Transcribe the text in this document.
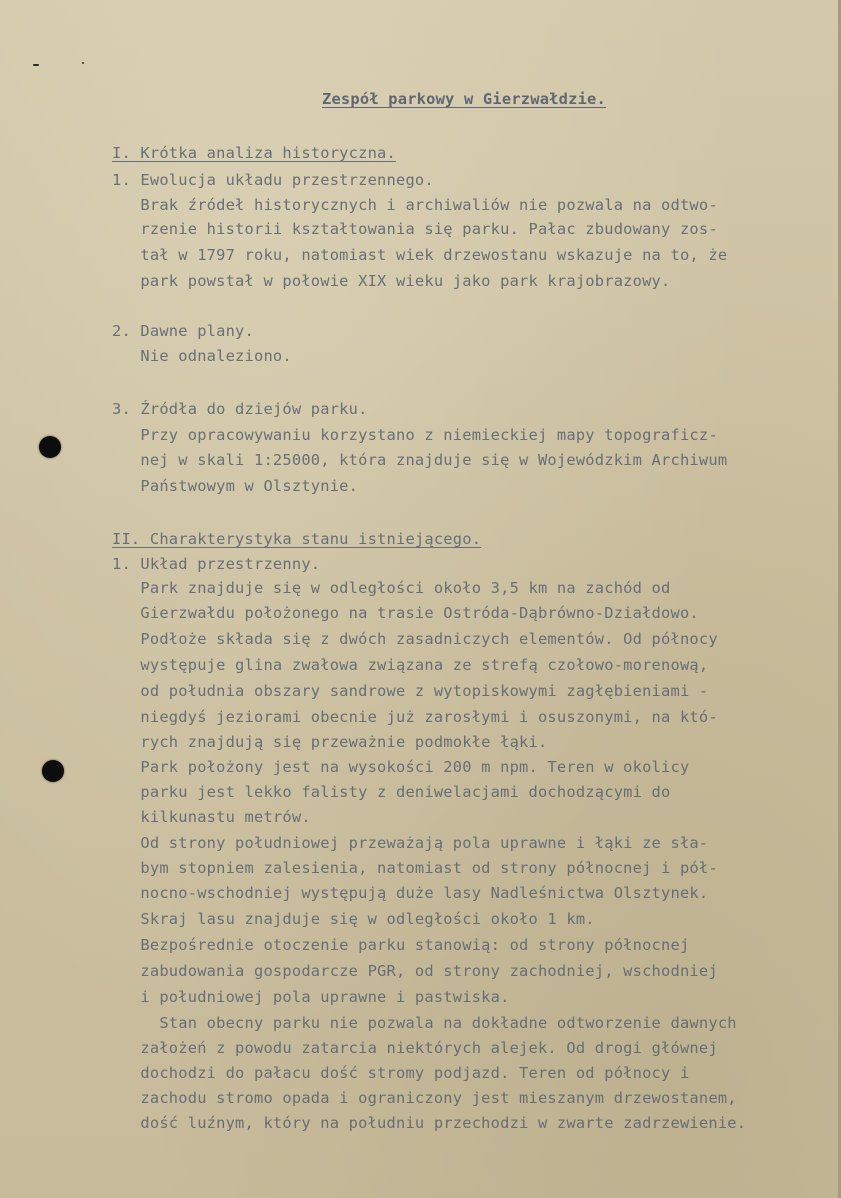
Zespół parkowy w Gierzwałdzie.
I. Krótka analiza historyczna.
1. Ewolucja układu przestrzennego.
Brak źródeł historycznych i archiwaliów nie pozwala na odtwo-
rzenie historii kształtowania się parku. Pałac zbudowany zos-
tał w 1797 roku, natomiast wiek drzewostanu wskazuje na to, że
park powstał w połowie XIX wieku jako park krajobrazowy.
2. Dawne plany.
Nie odnaleziono.
3. Źródła do dziejów parku.
Przy opracowywaniu korzystano z niemieckiej mapy topograficz-
nej w skali 1:25000, która znajduje się w Wojewódzkim Archiwum
Państwowym w Olsztynie.
II. Charakterystyka stanu istniejącego.
1. Układ przestrzenny.
Park znajduje się w odległości około 3,5 km na zachód od
Gierzwałdu położonego na trasie Ostróda-Dąbrówno-Działdowo.
Podłoże składa się z dwóch zasadniczych elementów. Od północy
występuje glina zwałowa związana ze strefą czołowo-morenową,
od południa obszary sandrowe z wytopiskowymi zagłębieniami -
niegdyś jeziorami obecnie już zarosłymi i osuszonymi, na któ-
rych znajdują się przeważnie podmokłe łąki.
Park położony jest na wysokości 200 m npm. Teren w okolicy
parku jest lekko falisty z deniwelacjami dochodzącymi do
kilkunastu metrów.
Od strony południowej przeważają pola uprawne i łąki ze sła-
bym stopniem zalesienia, natomiast od strony północnej i pół-
nocno-wschodniej występują duże lasy Nadleśnictwa Olsztynek.
Skraj lasu znajduje się w odległości około 1 km.
Bezpośrednie otoczenie parku stanowią: od strony północnej
zabudowania gospodarcze PGR, od strony zachodniej, wschodniej
i południowej pola uprawne i pastwiska.
Stan obecny parku nie pozwala na dokładne odtworzenie dawnych
założeń z powodu zatarcia niektórych alejek. Od drogi głównej
dochodzi do pałacu dość stromy podjazd. Teren od północy i
zachodu stromo opada i ograniczony jest mieszanym drzewostanem,
dość luźnym, który na południu przechodzi w zwarte zadrzewienie.
